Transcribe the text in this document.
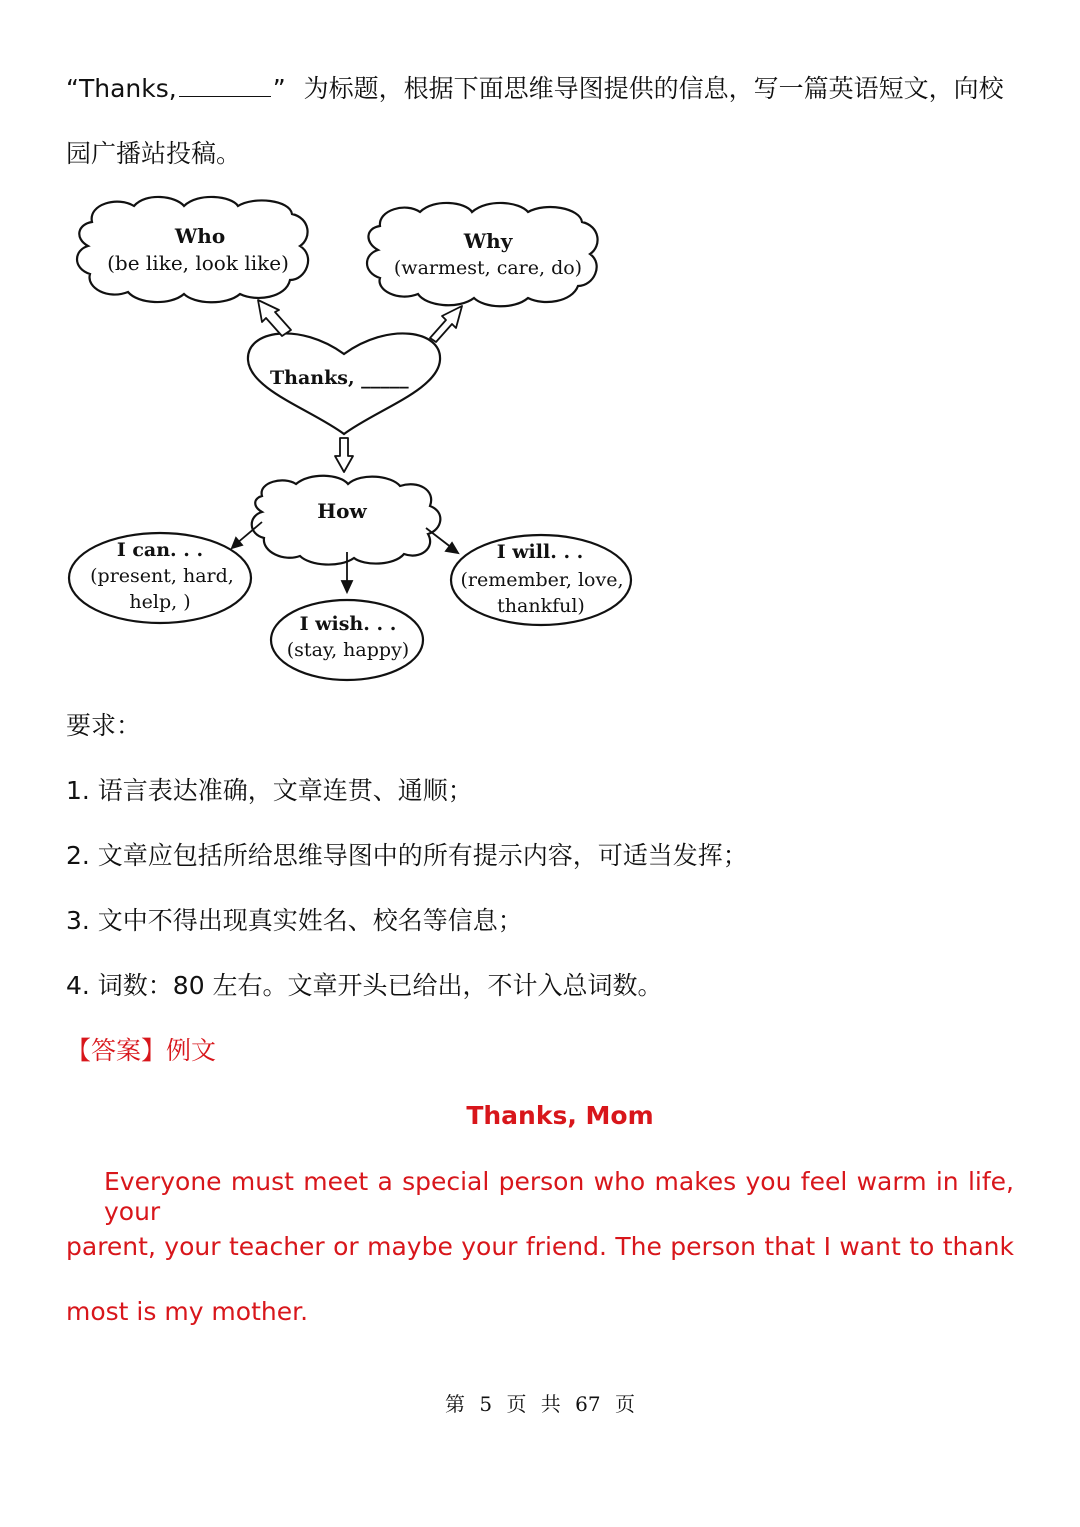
“Thanks,	” 为标题，根据下面思维导图提供的信息，写一篇英语短文，向校
园广播站投稿。
Who
(be like, look like)
Why
(warmest, care, do)
Thanks, _____
How
I can. . .
(present, hard,
help, )
I wish. . .
(stay, happy)
I will. . .
(remember, love,
thankful)
要求：
1. 语言表达准确，文章连贯、通顺；
2. 文章应包括所给思维导图中的所有提示内容，可适当发挥；
3. 文中不得出现真实姓名、校名等信息；
4. 词数：80 左右。文章开头已给出，不计入总词数。
【答案】例文
Thanks, Mom
Everyone must meet a special person who makes you feel warm in life, your
parent, your teacher or maybe your friend. The person that I want to thank
most is my mother.
第 5 页 共 67 页
